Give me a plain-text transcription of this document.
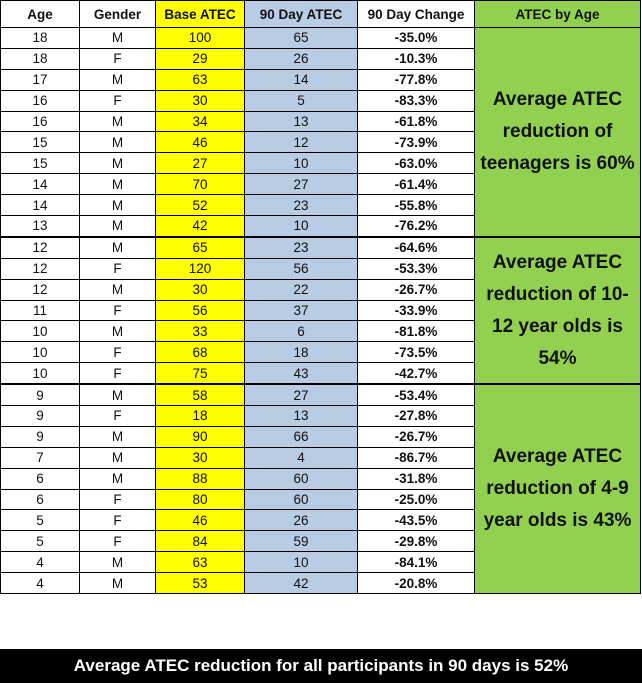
Age	Gender	Base ATEC	90 Day ATEC	90 Day Change	ATEC by Age
18	M	100	65	-35.0%	Average ATEC reduction of teenagers is 60%
18	F	29	26	-10.3%	
17	M	63	14	-77.8%	
16	F	30	5	-83.3%	
16	M	34	13	-61.8%	
15	M	46	12	-73.9%	
15	M	27	10	-63.0%	
14	M	70	27	-61.4%	
14	M	52	23	-55.8%	
13	M	42	10	-76.2%	
12	M	65	23	-64.6%	Average ATEC reduction of 10-12 year olds is 54%
12	F	120	56	-53.3%	
12	M	30	22	-26.7%	
11	F	56	37	-33.9%	
10	M	33	6	-81.8%	
10	F	68	18	-73.5%	
10	F	75	43	-42.7%	
9	M	58	27	-53.4%	Average ATEC reduction of 4-9 year olds is 43%
9	F	18	13	-27.8%	
9	M	90	66	-26.7%	
7	M	30	4	-86.7%	
6	M	88	60	-31.8%	
6	F	80	60	-25.0%	
5	F	46	26	-43.5%	
5	F	84	59	-29.8%	
4	M	63	10	-84.1%	
4	M	53	42	-20.8%	
Average ATEC reduction for all participants in 90 days is 52%
